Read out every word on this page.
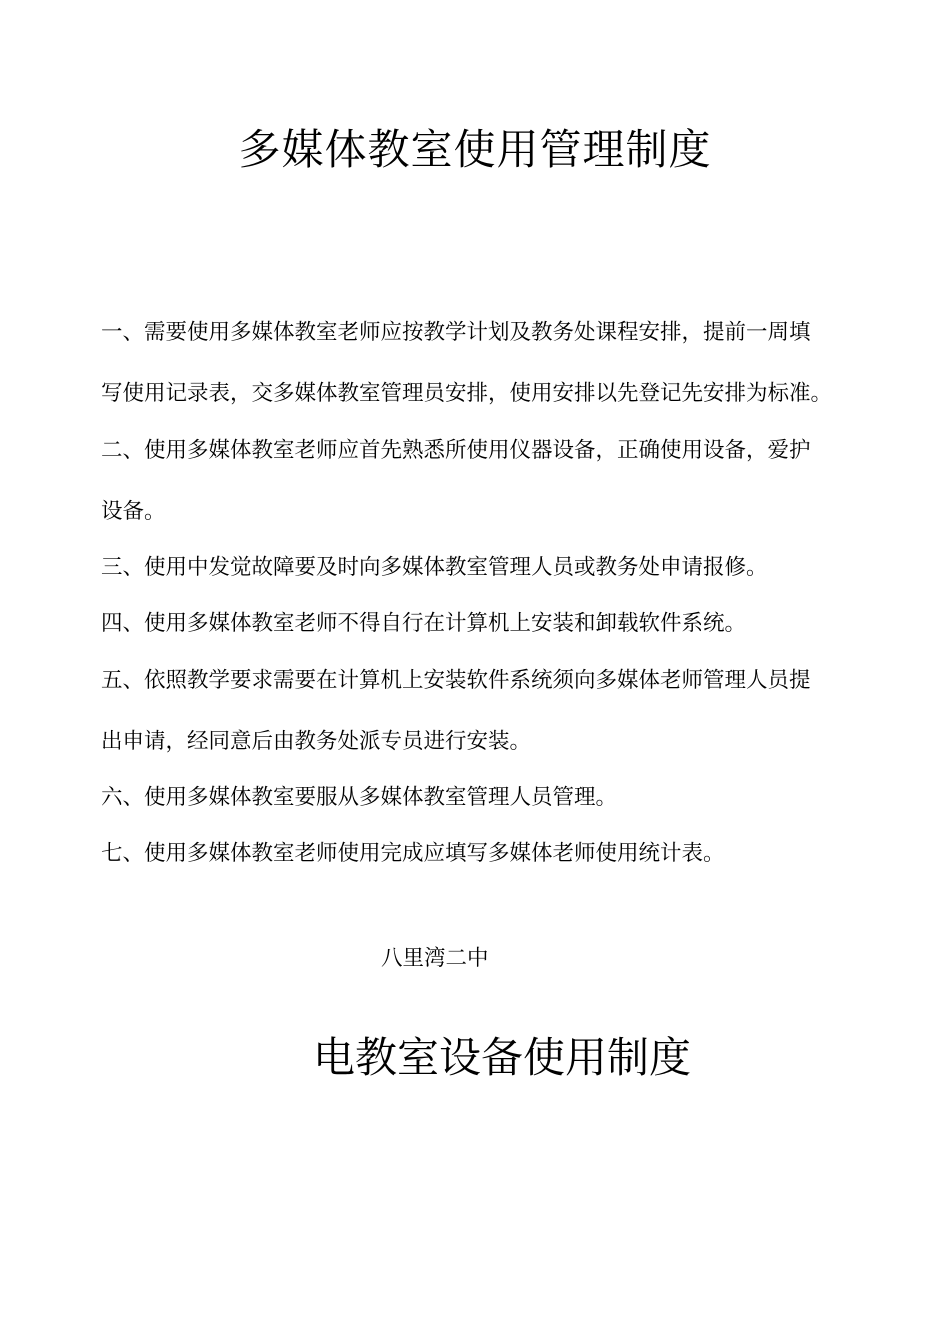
多媒体教室使用管理制度
一、需要使用多媒体教室老师应按教学计划及教务处课程安排，提前一周填
写使用记录表，交多媒体教室管理员安排，使用安排以先登记先安排为标准。
二、使用多媒体教室老师应首先熟悉所使用仪器设备，正确使用设备，爱护
设备。
三、使用中发觉故障要及时向多媒体教室管理人员或教务处申请报修。
四、使用多媒体教室老师不得自行在计算机上安装和卸载软件系统。
五、依照教学要求需要在计算机上安装软件系统须向多媒体老师管理人员提
出申请，经同意后由教务处派专员进行安装。
六、使用多媒体教室要服从多媒体教室管理人员管理。
七、使用多媒体教室老师使用完成应填写多媒体老师使用统计表。
八里湾二中
电教室设备使用制度
